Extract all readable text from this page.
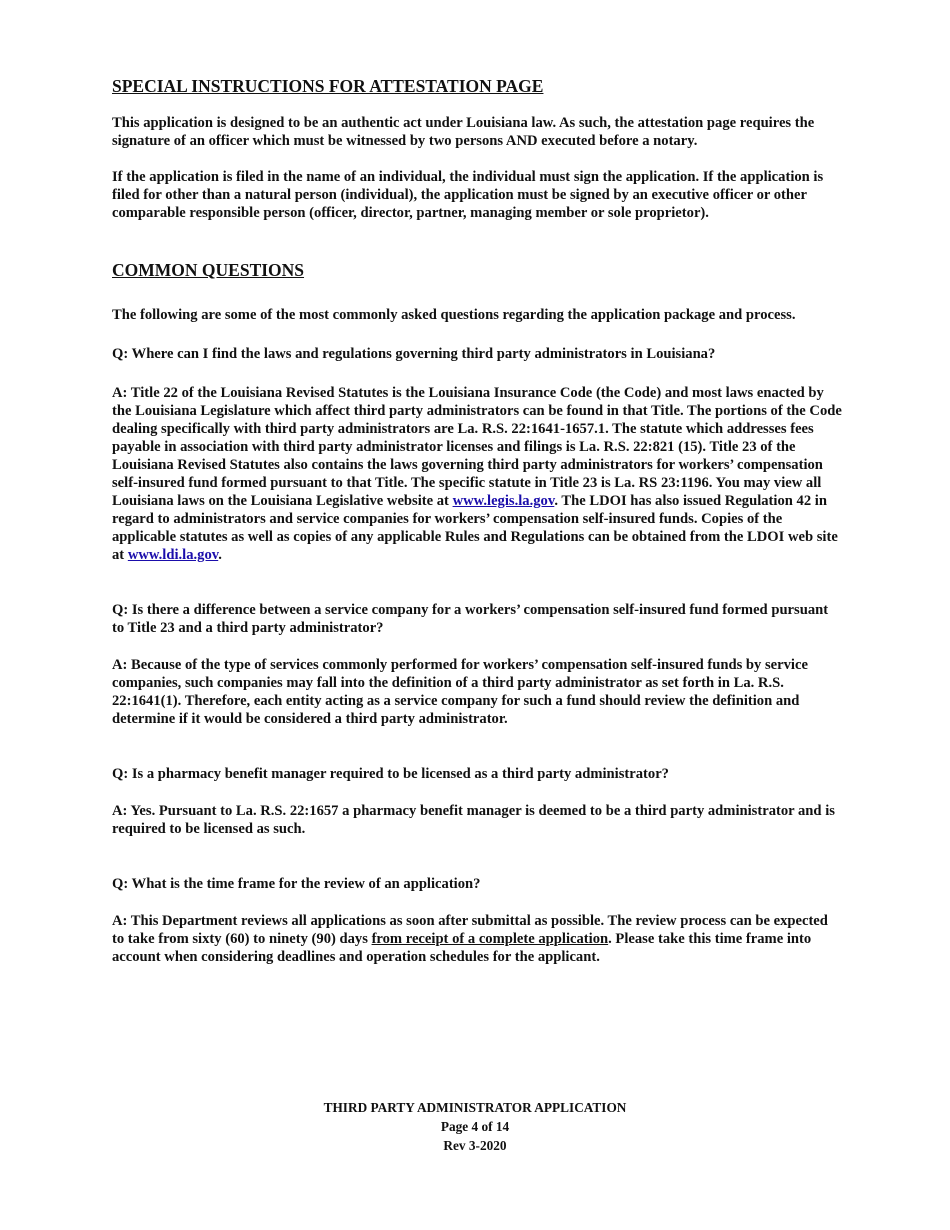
SPECIAL INSTRUCTIONS FOR ATTESTATION PAGE

This application is designed to be an authentic act under Louisiana law. As such, the attestation page requires the signature of an officer which must be witnessed by two persons AND executed before a notary.

If the application is filed in the name of an individual, the individual must sign the application. If the application is filed for other than a natural person (individual), the application must be signed by an executive officer or other comparable responsible person (officer, director, partner, managing member or sole proprietor).

COMMON QUESTIONS

The following are some of the most commonly asked questions regarding the application package and process.

Q: Where can I find the laws and regulations governing third party administrators in Louisiana?

A: Title 22 of the Louisiana Revised Statutes is the Louisiana Insurance Code (the Code) and most laws enacted by the Louisiana Legislature which affect third party administrators can be found in that Title. The portions of the Code dealing specifically with third party administrators are La. R.S. 22:1641-1657.1. The statute which addresses fees payable in association with third party administrator licenses and filings is La. R.S. 22:821 (15). Title 23 of the Louisiana Revised Statutes also contains the laws governing third party administrators for workers’ compensation self-insured fund formed pursuant to that Title. The specific statute in Title 23 is La. RS 23:1196. You may view all Louisiana laws on the Louisiana Legislative website at www.legis.la.gov. The LDOI has also issued Regulation 42 in regard to administrators and service companies for workers’ compensation self-insured funds. Copies of the applicable statutes as well as copies of any applicable Rules and Regulations can be obtained from the LDOI web site at www.ldi.la.gov.

Q: Is there a difference between a service company for a workers’ compensation self-insured fund formed pursuant to Title 23 and a third party administrator?

A: Because of the type of services commonly performed for workers’ compensation self-insured funds by service companies, such companies may fall into the definition of a third party administrator as set forth in La. R.S. 22:1641(1). Therefore, each entity acting as a service company for such a fund should review the definition and determine if it would be considered a third party administrator.

Q: Is a pharmacy benefit manager required to be licensed as a third party administrator?

A: Yes. Pursuant to La. R.S. 22:1657 a pharmacy benefit manager is deemed to be a third party administrator and is required to be licensed as such.

Q: What is the time frame for the review of an application?

A: This Department reviews all applications as soon after submittal as possible. The review process can be expected to take from sixty (60) to ninety (90) days from receipt of a complete application. Please take this time frame into account when considering deadlines and operation schedules for the applicant.

THIRD PARTY ADMINISTRATOR APPLICATION
Page 4 of 14
Rev 3-2020
